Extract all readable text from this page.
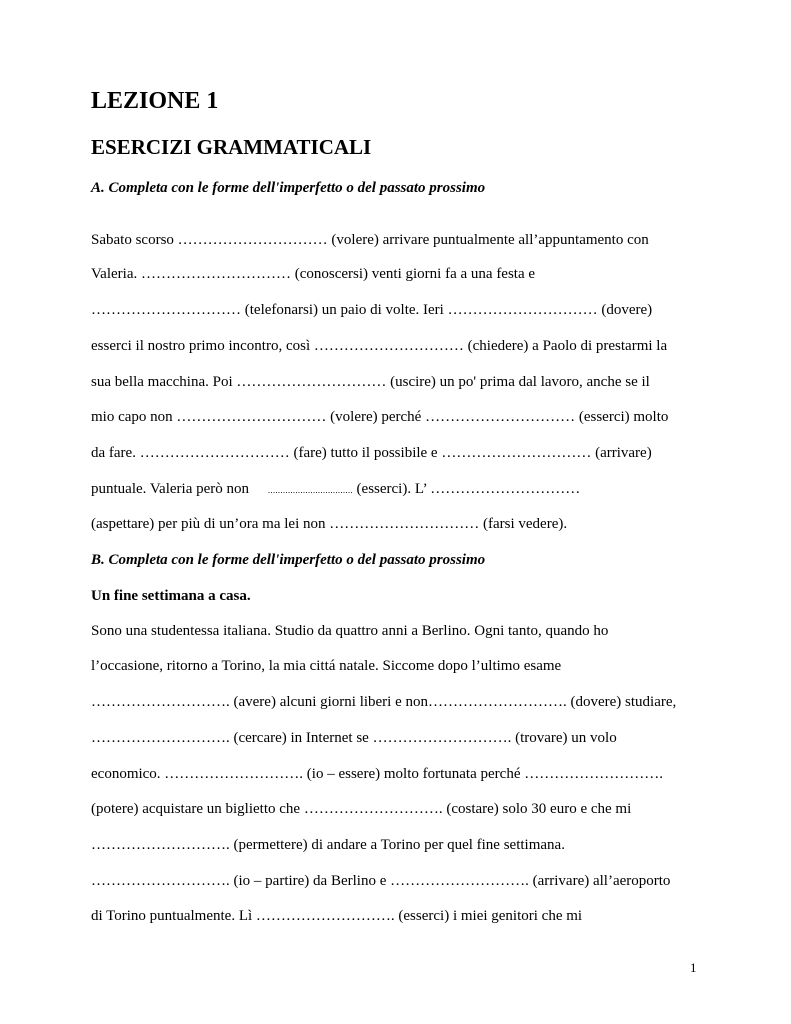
LEZIONE 1
ESERCIZI GRAMMATICALI
A. Completa con le forme dell'imperfetto o del passato prossimo
Sabato scorso ………………………… (volere) arrivare puntualmente all’appuntamento con
Valeria. ………………………… (conoscersi) venti giorni fa a una festa e
………………………… (telefonarsi) un paio di volte. Ieri ………………………… (dovere)
esserci il nostro primo incontro, così ………………………… (chiedere) a Paolo di prestarmi la
sua bella macchina. Poi ………………………… (uscire) un po' prima dal lavoro, anche se il
mio capo non ………………………… (volere) perché ………………………… (esserci) molto
da fare. ………………………… (fare) tutto il possibile e ………………………… (arrivare)
puntuale. Valeria però non .................................. (esserci). L’ …………………………
(aspettare) per più di un’ora ma lei non ………………………… (farsi vedere).
B. Completa con le forme dell'imperfetto o del passato prossimo
Un fine settimana a casa.
Sono una studentessa italiana. Studio da quattro anni a Berlino. Ogni tanto, quando ho
l’occasione, ritorno a Torino, la mia cittá natale. Siccome dopo l’ultimo esame
………………………. (avere) alcuni giorni liberi e non………………………. (dovere) studiare,
………………………. (cercare) in Internet se ………………………. (trovare) un volo
economico. ………………………. (io – essere) molto fortunata perché ……………………….
(potere) acquistare un biglietto che ………………………. (costare) solo 30 euro e che mi
………………………. (permettere) di andare a Torino per quel fine settimana.
………………………. (io – partire) da Berlino e ………………………. (arrivare) all’aeroporto
di Torino puntualmente. Lì ………………………. (esserci) i miei genitori che mi
1
